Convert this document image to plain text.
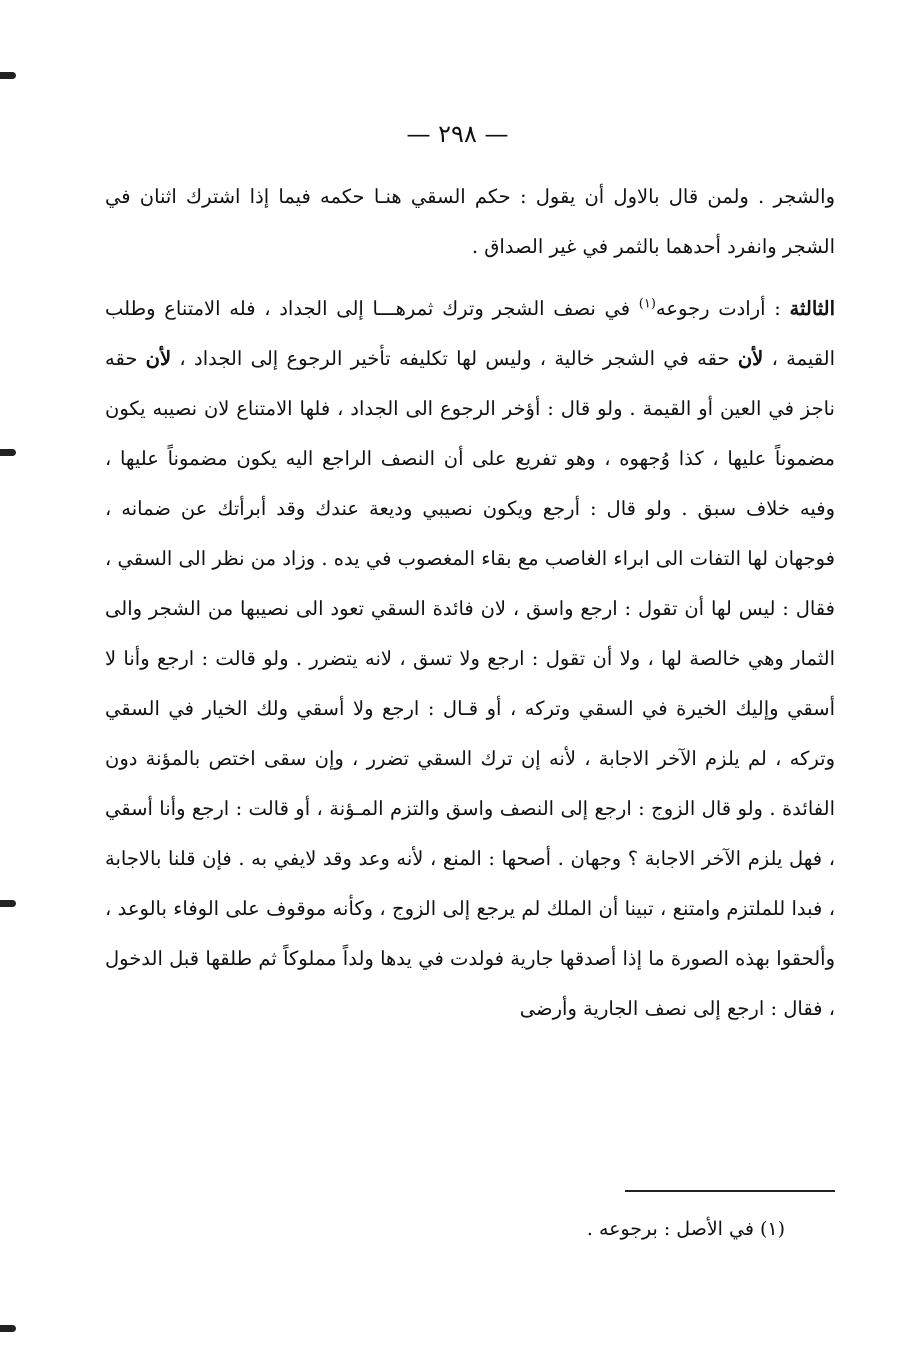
— ٢٩٨ —

والشجر . ولمن قال بالاول أن يقول : حكم السقي هنـا حكمه فيما إذا اشترك اثنان في الشجر وانفرد أحدهما بالثمر في غير الصداق .

الثالثة : أرادت رجوعه$^{(١)}$ في نصف الشجر وترك ثمرهـــا إلى الجداد ، فله الامتناع وطلب القيمة ، لأن حقه في الشجر خالية ، وليس لها تكليفه تأخير الرجوع إلى الجداد ، لأن حقه ناجز في العين أو القيمة . ولو قال : أؤخر الرجوع الى الجداد ، فلها الامتناع لان نصيبه يكون مضموناً عليها ، كذا وُجهوه ، وهو تفريع على أن النصف الراجع اليه يكون مضموناً عليها ، وفيه خلاف سبق . ولو قال : أرجع ويكون نصيبي وديعة عندك وقد أبرأتك عن ضمانه ، فوجهان لها التفات الى ابراء الغاصب مع بقاء المغصوب في يده . وزاد من نظر الى السقي ، فقال : ليس لها أن تقول : ارجع واسق ، لان فائدة السقي تعود الى نصيبها من الشجر والى الثمار وهي خالصة لها ، ولا أن تقول : ارجع ولا تسق ، لانه يتضرر . ولو قالت : ارجع وأنا لا أسقي وإليك الخيرة في السقي وتركه ، أو قـال : ارجع ولا أسقي ولك الخيار في السقي وتركه ، لم يلزم الآخر الاجابة ، لأنه إن ترك السقي تضرر ، وإن سقى اختص بالمؤنة دون الفائدة . ولو قال الزوج : ارجع إلى النصف واسق والتزم المـؤنة ، أو قالت : ارجع وأنا أسقي ، فهل يلزم الآخر الاجابة ؟ وجهان . أصحها : المنع ، لأنه وعد وقد لايفي به . فإن قلنا بالاجابة ، فبدا للملتزم وامتنع ، تبينا أن الملك لم يرجع إلى الزوج ، وكأنه موقوف على الوفاء بالوعد ، وألحقوا بهذه الصورة ما إذا أصدقها جارية فولدت في يدها ولداً مملوكاً ثم طلقها قبل الدخول ، فقال : ارجع إلى نصف الجارية وأرضى

(١) في الأصل : برجوعه .
